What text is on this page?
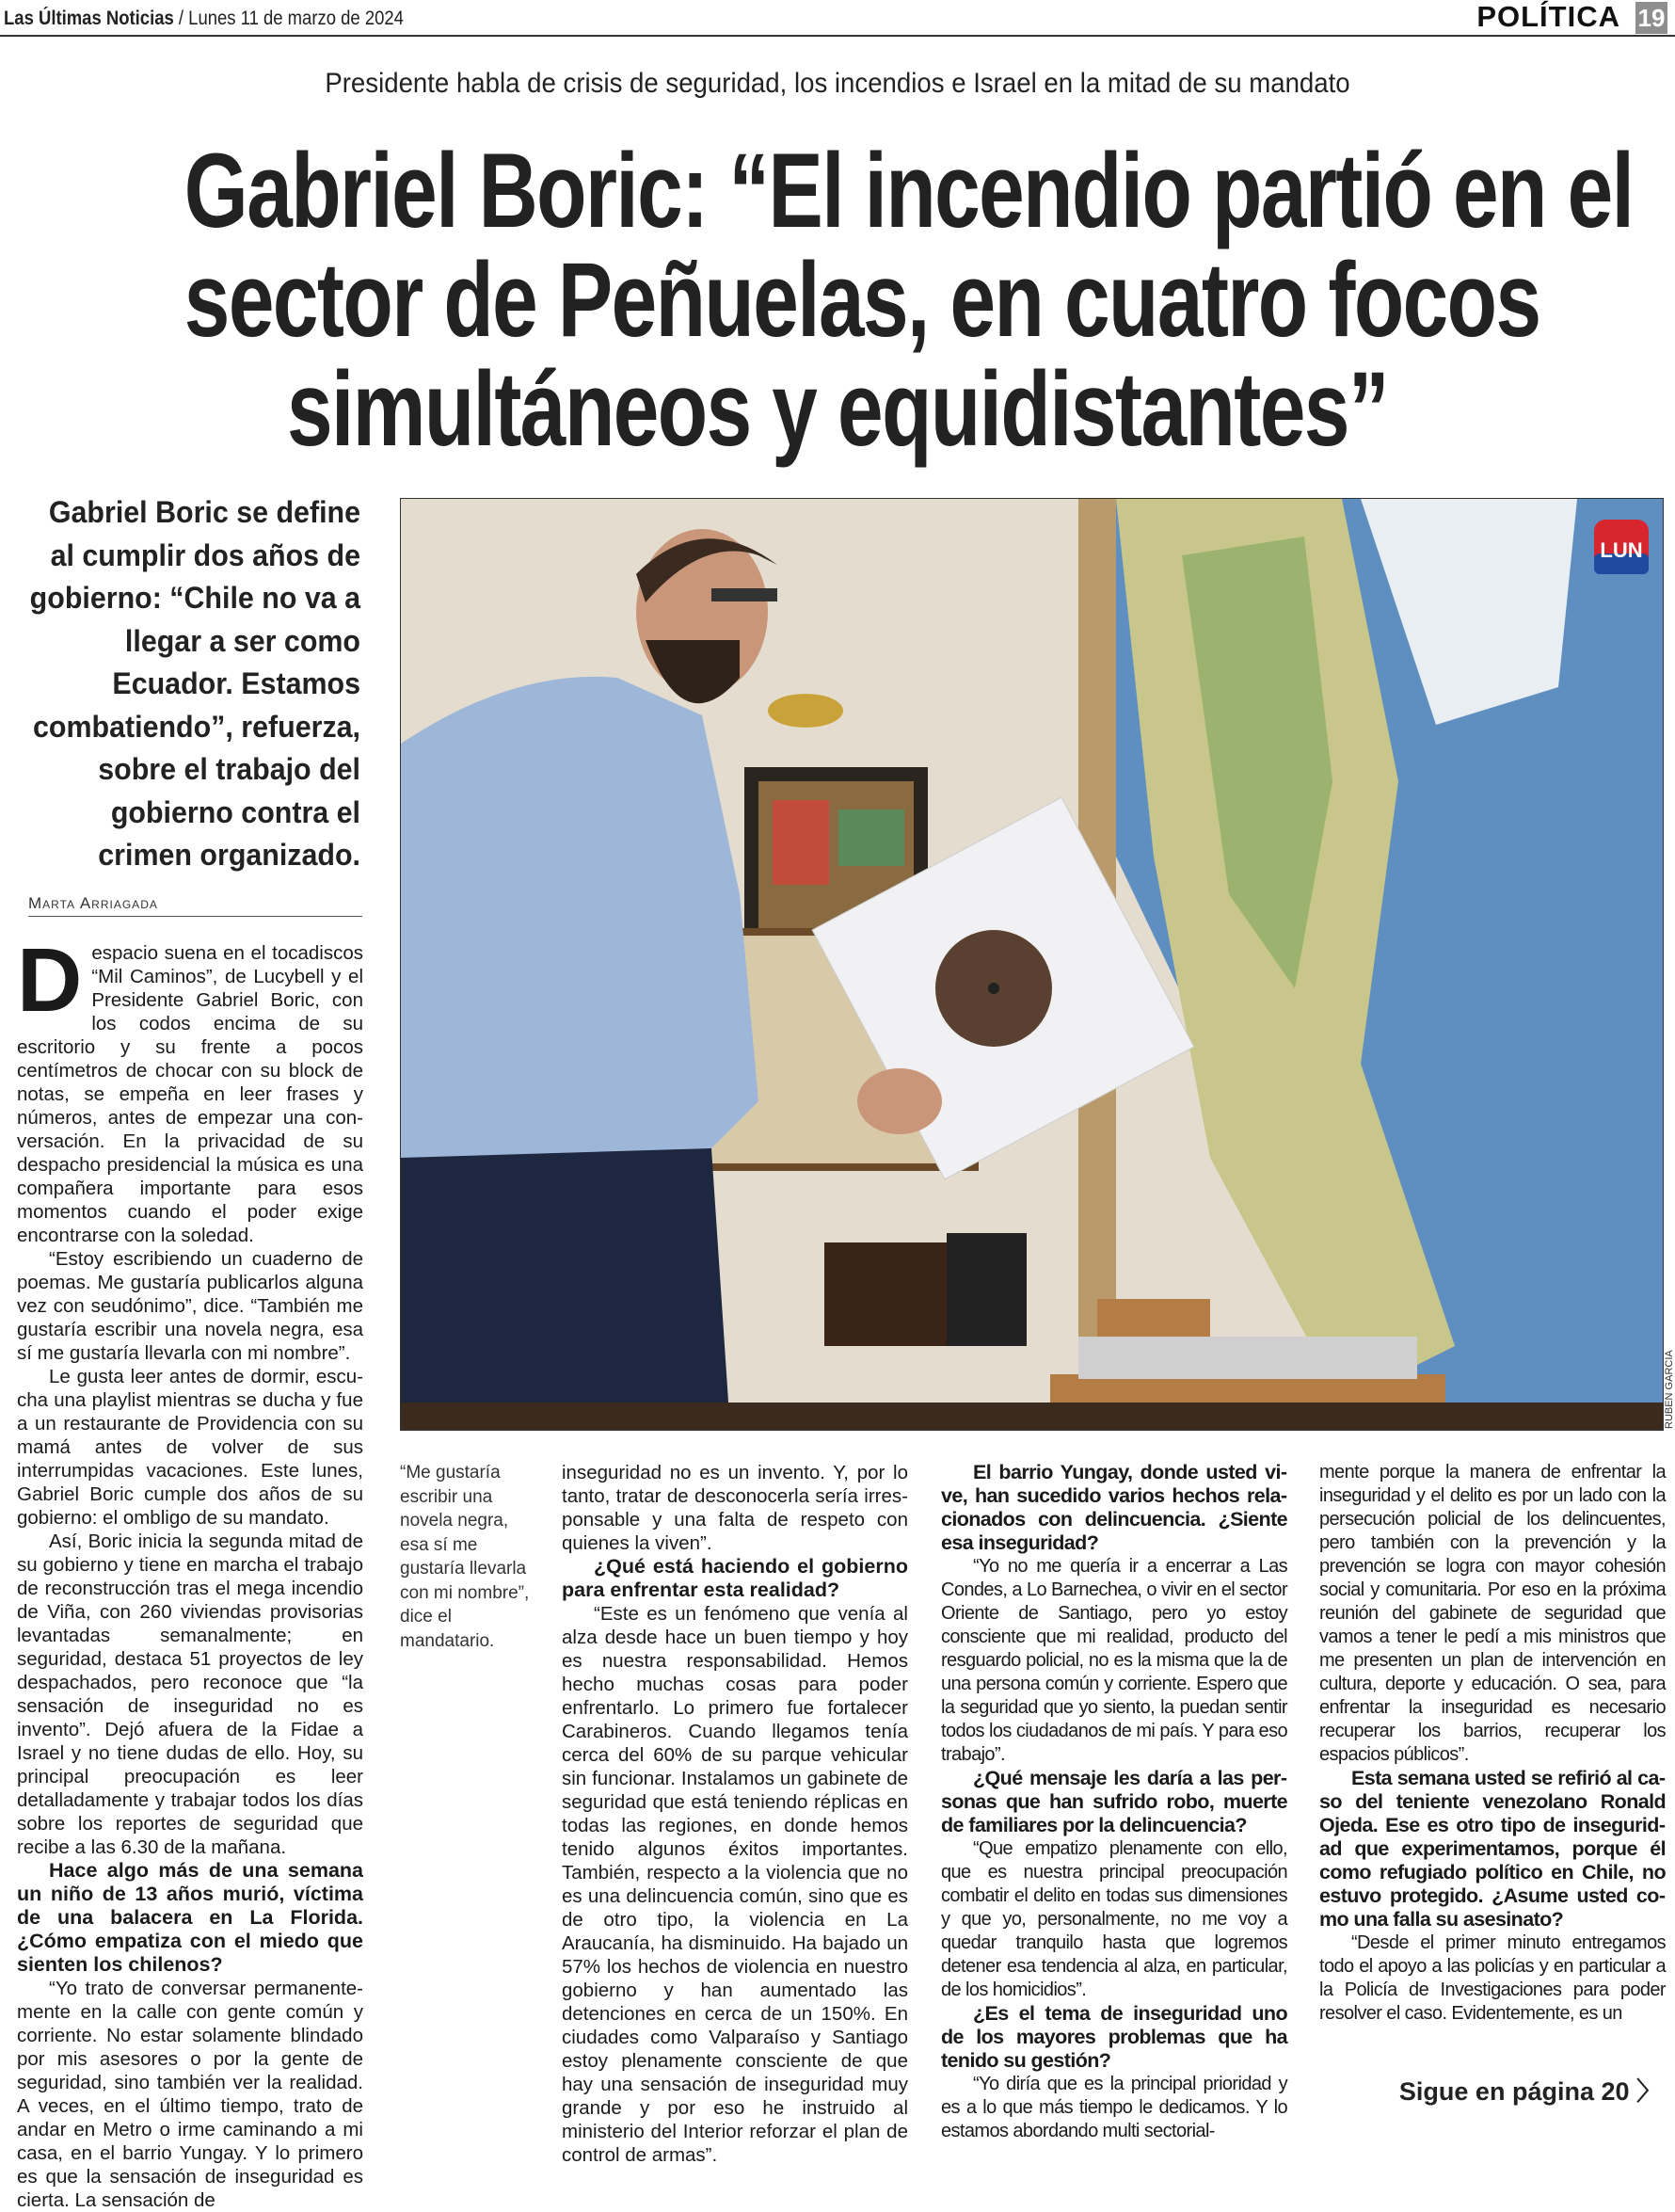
Las Últimas Noticias / Lunes 11 de marzo de 2024	POLÍTICA 19
Presidente habla de crisis de seguridad, los incendios e Israel en la mitad de su mandato
Gabriel Boric: “El incendio partió en el
sector de Peñuelas, en cuatro focos
simultáneos y equidistantes”
Gabriel Boric se define al cumplir dos años de gobierno: “Chile no va a llegar a ser como Ecuador. Estamos combatiendo”, refuerza, sobre el trabajo del gobierno contra el crimen organizado.
Marta Arriagada
LUN
RUBEN GARCIA
“Me gustaría escribir una novela negra, esa sí me gustaría llevarla con mi nombre”, dice el mandatario.
D espacio suena en el tocadiscos “Mil Caminos”, de Lucybell y el Presidente Gabriel Boric, con los codos encima de su escritorio y su frente a pocos centímetros de chocar con su block de notas, se empeña en leer frases y números, antes de empezar una conversación. En la privacidad de su despacho presidencial la música es una compañera importante para esos momentos cuando el poder exige encontrarse con la soledad.

“Estoy escribiendo un cuaderno de poemas. Me gustaría publicarlos alguna vez con seudónimo”, dice. “También me gustaría escribir una novela negra, esa sí me gustaría llevarla con mi nombre”.

Le gusta leer antes de dormir, escucha una playlist mientras se ducha y fue a un restaurante de Providencia con su mamá antes de volver de sus interrumpidas vacaciones. Este lunes, Gabriel Boric cumple dos años de su gobierno: el ombligo de su mandato.

Así, Boric inicia la segunda mitad de su gobierno y tiene en marcha el trabajo de reconstrucción tras el mega incendio de Viña, con 260 viviendas provisorias levantadas semanalmente; en seguridad, destaca 51 proyectos de ley despachados, pero reconoce que “la sensación de inseguridad no es invento”. Dejó afuera de la Fidae a Israel y no tiene dudas de ello. Hoy, su principal preocupación es leer detalladamente y trabajar todos los días sobre los reportes de seguridad que recibe a las 6.30 de la mañana.

Hace algo más de una semana un niño de 13 años murió, víctima de una balacera en La Florida. ¿Cómo empatiza con el miedo que sienten los chilenos?

“Yo trato de conversar permanentemente en la calle con gente común y corriente. No estar solamente blindado por mis asesores o por la gente de seguridad, sino también ver la realidad. A veces, en el último tiempo, trato de andar en Metro o irme caminando a mi casa, en el barrio Yungay. Y lo primero es que la sensación de inseguridad es cierta. La sensación de

inseguridad no es un invento. Y, por lo tanto, tratar de desconocerla sería irresponsable y una falta de respeto con quienes la viven”.

¿Qué está haciendo el gobierno para enfrentar esta realidad?

“Este es un fenómeno que venía al alza desde hace un buen tiempo y hoy es nuestra responsabilidad. Hemos hecho muchas cosas para poder enfrentarlo. Lo primero fue fortalecer Carabineros. Cuando llegamos tenía cerca del 60% de su parque vehicular sin funcionar. Instalamos un gabinete de seguridad que está teniendo réplicas en todas las regiones, en donde hemos tenido algunos éxitos importantes. También, respecto a la violencia que no es una delincuencia común, sino que es de otro tipo, la violencia en La Araucanía, ha disminuido. Ha bajado un 57% los hechos de violencia en nuestro gobierno y han aumentado las detenciones en cerca de un 150%. En ciudades como Valparaíso y Santiago estoy plenamente consciente de que hay una sensación de inseguridad muy grande y por eso he instruido al ministerio del Interior reforzar el plan de control de armas”.

El barrio Yungay, donde usted vive, han sucedido varios hechos relacionados con delincuencia. ¿Siente esa inseguridad?

“Yo no me quería ir a encerrar a Las Condes, a Lo Barnechea, o vivir en el sector Oriente de Santiago, pero yo estoy consciente que mi realidad, producto del resguardo policial, no es la misma que la de una persona común y corriente. Espero que la seguridad que yo siento, la puedan sentir todos los ciudadanos de mi país. Y para eso trabajo”.

¿Qué mensaje les daría a las personas que han sufrido robo, muerte de familiares por la delincuencia?

“Que empatizo plenamente con ello, que es nuestra principal preocupación combatir el delito en todas sus dimensiones y que yo, personalmente, no me voy a quedar tranquilo hasta que logremos detener esa tendencia al alza, en particular, de los homicidios”.

¿Es el tema de inseguridad uno de los mayores problemas que ha tenido su gestión?

“Yo diría que es la principal prioridad y es a lo que más tiempo le dedicamos. Y lo estamos abordando multi sectorial-

mente porque la manera de enfrentar la inseguridad y el delito es por un lado con la persecución policial de los delincuentes, pero también con la prevención y la prevención se logra con mayor cohesión social y comunitaria. Por eso en la próxima reunión del gabinete de seguridad que vamos a tener le pedí a mis ministros que me presenten un plan de intervención en cultura, deporte y educación. O sea, para enfrentar la inseguridad es necesario recuperar los barrios, recuperar los espacios públicos”.

Esta semana usted se refirió al caso del teniente venezolano Ronald Ojeda. Ese es otro tipo de inseguridad que experimentamos, porque él como refugiado político en Chile, no estuvo protegido. ¿Asume usted como una falla su asesinato?

“Desde el primer minuto entregamos todo el apoyo a las policías y en particular a la Policía de Investigaciones para poder resolver el caso. Evidentemente, es un

Sigue en página 20 〉
